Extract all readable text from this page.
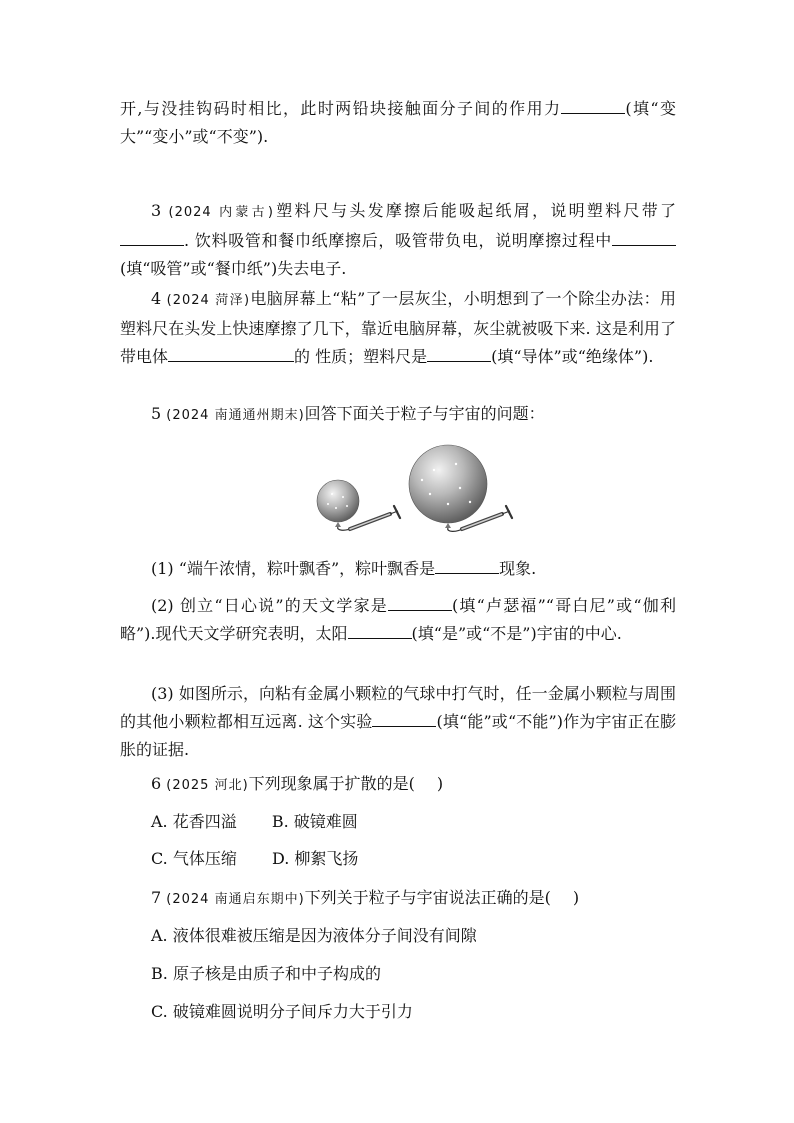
开,与没挂钩码时相比，此时两铅块接触面分子间的作用力	(填“变大”“变小”或“不变”).
3 (2024 内蒙古)塑料尺与头发摩擦后能吸起纸屑，说明塑料尺带了. 饮料吸管和餐巾纸摩擦后，吸管带负电，说明摩擦过程中(填“吸管”或“餐巾纸”)失去电子.
4 (2024 菏泽)电脑屏幕上“粘”了一层灰尘，小明想到了一个除尘办法：用塑料尺在头发上快速摩擦了几下，靠近电脑屏幕，灰尘就被吸下来. 这是利用了带电体	的 性质；塑料尺是	(填“导体”或“绝缘体”).
5 (2024 南通通州期末)回答下面关于粒子与宇宙的问题：
(1) “端午浓情，粽叶飘香”，粽叶飘香是	现象.
(2) 创立“日心说”的天文学家是	(填“卢瑟福”“哥白尼”或“伽利略”).现代天文学研究表明，太阳	(填“是”或“不是”)宇宙的中心.
(3) 如图所示，向粘有金属小颗粒的气球中打气时，任一金属小颗粒与周围的其他小颗粒都相互远离. 这个实验	(填“能”或“不能”)作为宇宙正在膨胀的证据.
6 (2025 河北)下列现象属于扩散的是( )
A. 花香四溢 B. 破镜难圆
C. 气体压缩 D. 柳絮飞扬
7 (2024 南通启东期中)下列关于粒子与宇宙说法正确的是( )
A. 液体很难被压缩是因为液体分子间没有间隙
B. 原子核是由质子和中子构成的
C. 破镜难圆说明分子间斥力大于引力
